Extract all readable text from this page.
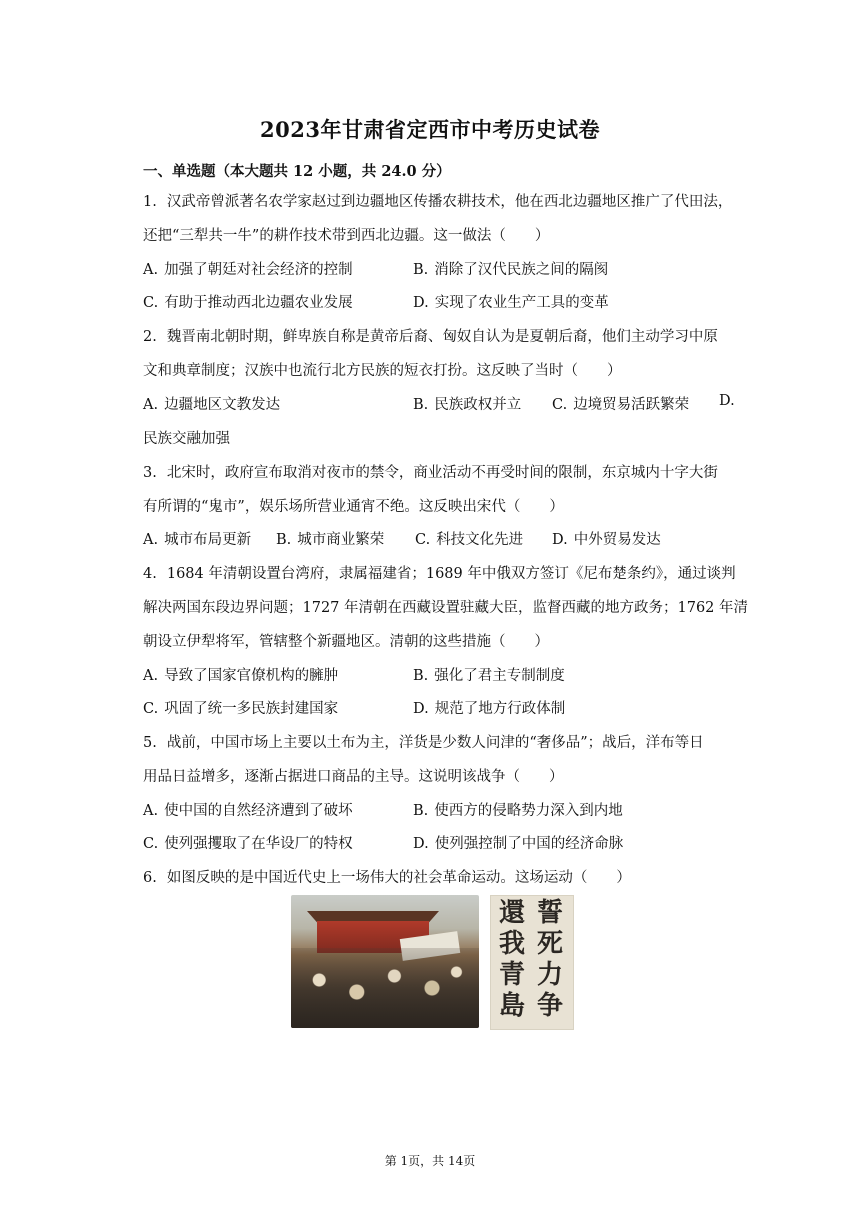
2023年甘肃省定西市中考历史试卷
一、单选题（本大题共 12 小题，共 24.0 分）
1. 汉武帝曾派著名农学家赵过到边疆地区传播农耕技术，他在西北边疆地区推广了代田法，
还把“三犁共一牛”的耕作技术带到西北边疆。这一做法（　　）
A. 加强了朝廷对社会经济的控制	B. 消除了汉代民族之间的隔阂
C. 有助于推动西北边疆农业发展	D. 实现了农业生产工具的变革
2. 魏晋南北朝时期，鲜卑族自称是黄帝后裔、匈奴自认为是夏朝后裔，他们主动学习中原
文和典章制度；汉族中也流行北方民族的短衣打扮。这反映了当时（　　）
A. 边疆地区文教发达	B. 民族政权并立 C. 边境贸易活跃繁荣 D.
民族交融加强
3. 北宋时，政府宣布取消对夜市的禁令，商业活动不再受时间的限制，东京城内十字大街
有所谓的“鬼市”，娱乐场所营业通宵不绝。这反映出宋代（　　）
A. 城市布局更新 B. 城市商业繁荣 C. 科技文化先进 D. 中外贸易发达
4. 1684 年清朝设置台湾府，隶属福建省；1689 年中俄双方签订《尼布楚条约》，通过谈判
解决两国东段边界问题；1727 年清朝在西藏设置驻藏大臣，监督西藏的地方政务；1762 年清
朝设立伊犁将军，管辖整个新疆地区。清朝的这些措施（　　）
A. 导致了国家官僚机构的臃肿	B. 强化了君主专制制度
C. 巩固了统一多民族封建国家	D. 规范了地方行政体制
5. 战前，中国市场上主要以土布为主，洋货是少数人问津的“奢侈品”；战后，洋布等日
用品日益增多，逐渐占据进口商品的主导。这说明该战争（　　）
A. 使中国的自然经济遭到了破坏	B. 使西方的侵略势力深入到内地
C. 使列强攫取了在华设厂的特权	D. 使列强控制了中国的经济命脉
6. 如图反映的是中国近代史上一场伟大的社会革命运动。这场运动（　　）
誓
死
力
争
還
我
青
島
第 1页，共 14页
